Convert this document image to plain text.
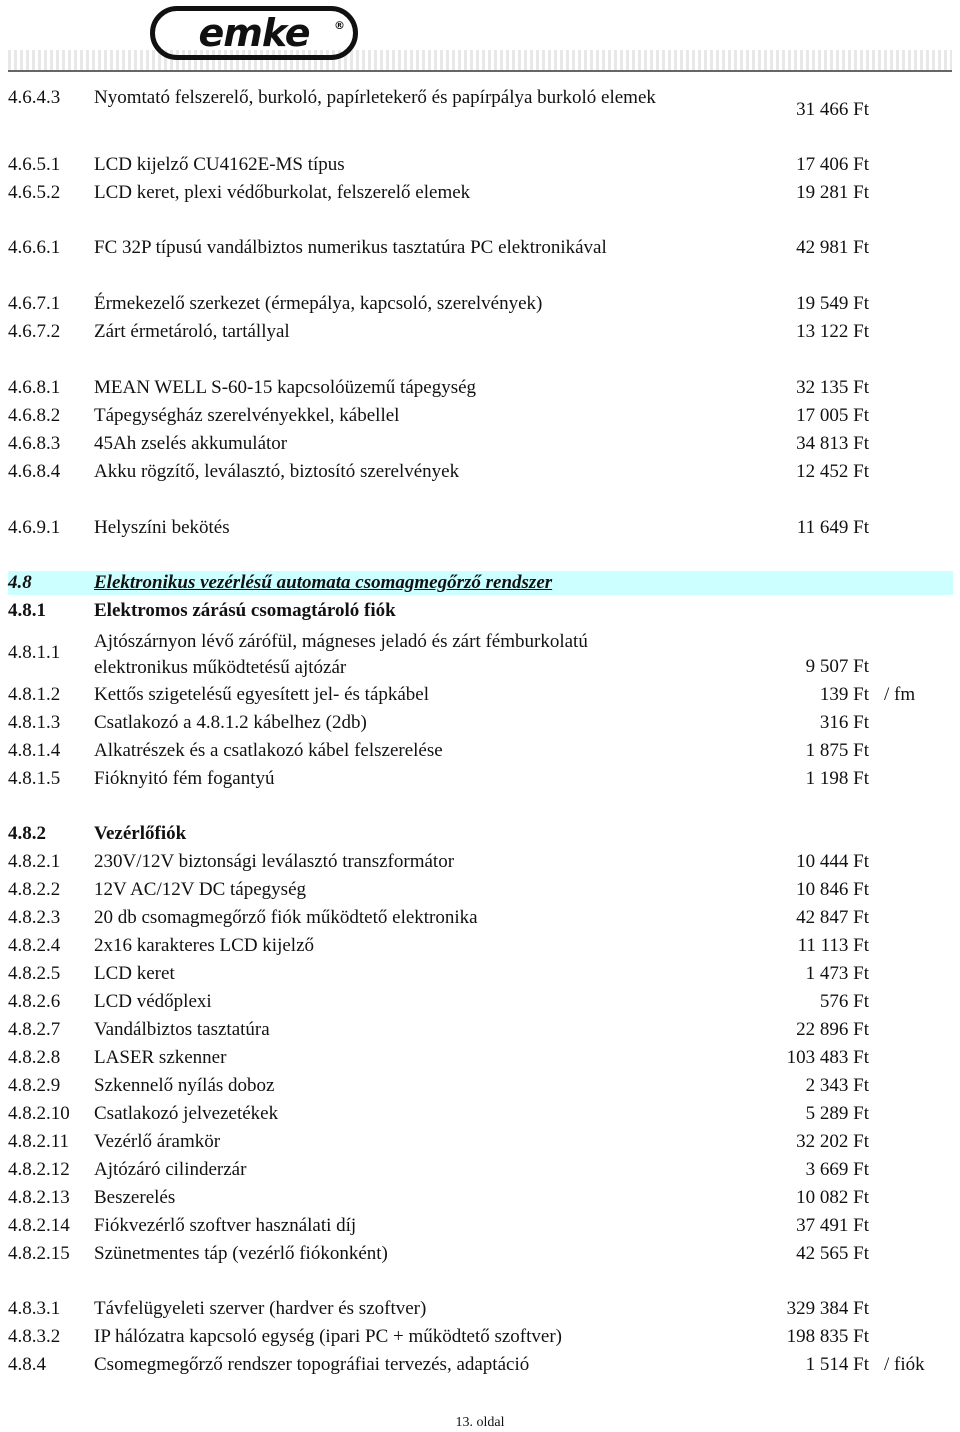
emke ®
4.6.4.3 Nyomtató felszerelő, burkoló, papírletekerő és papírpálya burkoló elemek
31 466 Ft
4.6.5.1 LCD kijelző CU4162E-MS típus	17 406 Ft
4.6.5.2 LCD keret, plexi védőburkolat, felszerelő elemek	19 281 Ft
4.6.6.1 FC 32P típusú vandálbiztos numerikus tasztatúra PC elektronikával	42 981 Ft
4.6.7.1 Érmekezelő szerkezet (érmepálya, kapcsoló, szerelvények)	19 549 Ft
4.6.7.2 Zárt érmetároló, tartállyal	13 122 Ft
4.6.8.1 MEAN WELL S-60-15 kapcsolóüzemű tápegység	32 135 Ft
4.6.8.2 Tápegységház szerelvényekkel, kábellel	17 005 Ft
4.6.8.3 45Ah zselés akkumulátor	34 813 Ft
4.6.8.4 Akku rögzítő, leválasztó, biztosító szerelvények	12 452 Ft
4.6.9.1 Helyszíni bekötés	11 649 Ft
4.8	Elektronikus vezérlésű automata csomagmegőrző rendszer
4.8.1	Elektromos zárású csomagtároló fiók
4.8.1.1
Ajtószárnyon lévő zárófül, mágneses jeladó és zárt fémburkolatú
elektronikus működtetésű ajtózár	9 507 Ft
4.8.1.2 Kettős szigetelésű egyesített jel- és tápkábel	139 Ft / fm
4.8.1.3 Csatlakozó a 4.8.1.2 kábelhez (2db)	316 Ft
4.8.1.4 Alkatrészek és a csatlakozó kábel felszerelése	1 875 Ft
4.8.1.5 Fióknyitó fém fogantyú	1 198 Ft
4.8.2	Vezérlőfiók
4.8.2.1 230V/12V biztonsági leválasztó transzformátor	10 444 Ft
4.8.2.2 12V AC/12V DC tápegység	10 846 Ft
4.8.2.3 20 db csomagmegőrző fiók működtető elektronika	42 847 Ft
4.8.2.4 2x16 karakteres LCD kijelző	11 113 Ft
4.8.2.5 LCD keret	1 473 Ft
4.8.2.6 LCD védőplexi	576 Ft
4.8.2.7 Vandálbiztos tasztatúra	22 896 Ft
4.8.2.8 LASER szkenner	103 483 Ft
4.8.2.9 Szkennelő nyílás doboz	2 343 Ft
4.8.2.10 Csatlakozó jelvezetékek	5 289 Ft
4.8.2.11 Vezérlő áramkör	32 202 Ft
4.8.2.12 Ajtózáró cilinderzár	3 669 Ft
4.8.2.13 Beszerelés	10 082 Ft
4.8.2.14 Fiókvezérlő szoftver használati díj	37 491 Ft
4.8.2.15 Szünetmentes táp (vezérlő fiókonként)	42 565 Ft
4.8.3.1 Távfelügyeleti szerver (hardver és szoftver)	329 384 Ft
4.8.3.2 IP hálózatra kapcsoló egység (ipari PC + működtető szoftver)	198 835 Ft
4.8.4	Csomegmegőrző rendszer topográfiai tervezés, adaptáció	1 514 Ft / fiók
13. oldal
